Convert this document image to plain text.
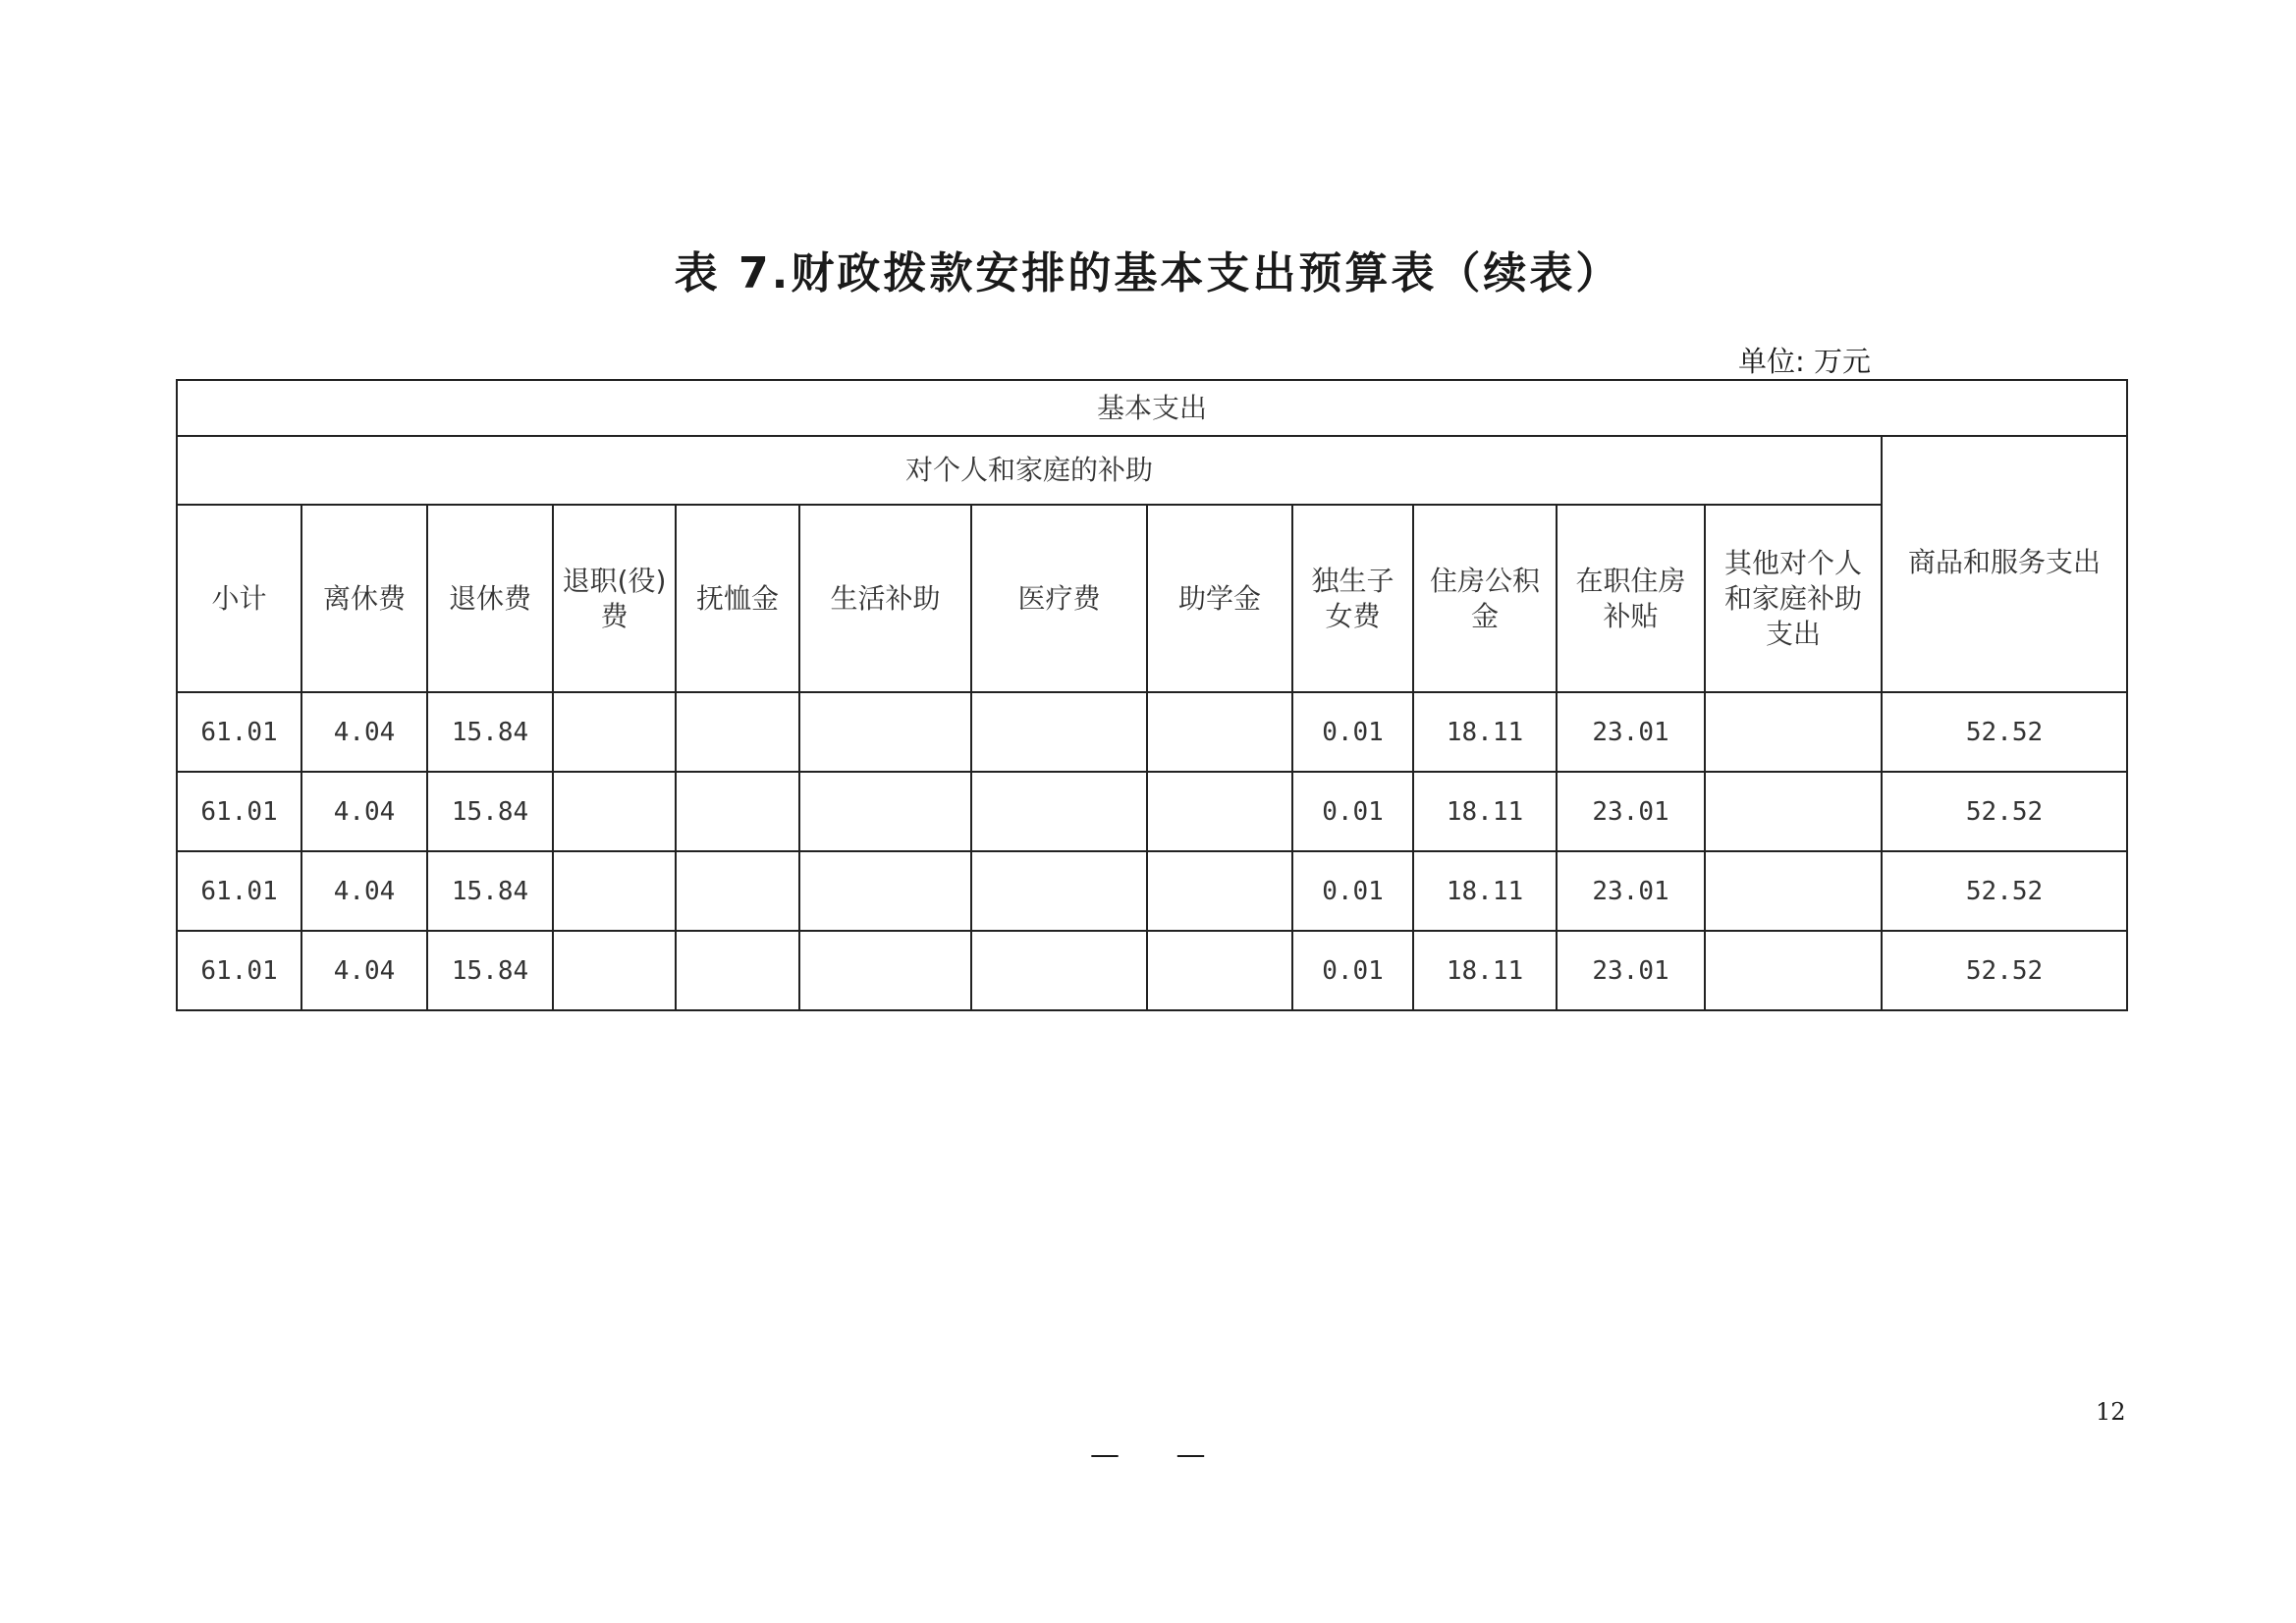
表 7.财政拨款安排的基本支出预算表（续表）
单位: 万元
基本支出												
对个人和家庭的补助												商品和服务支出
小计	离休费	退休费	退职(役)费	抚恤金	生活补助	医疗费	助学金	独生子女费	住房公积金	在职住房补贴	其他对个人和家庭补助支出	
61.01	4.04	15.84						0.01	18.11	23.01		52.52
61.01	4.04	15.84						0.01	18.11	23.01		52.52
61.01	4.04	15.84						0.01	18.11	23.01		52.52
61.01	4.04	15.84						0.01	18.11	23.01		52.52
12
— —
